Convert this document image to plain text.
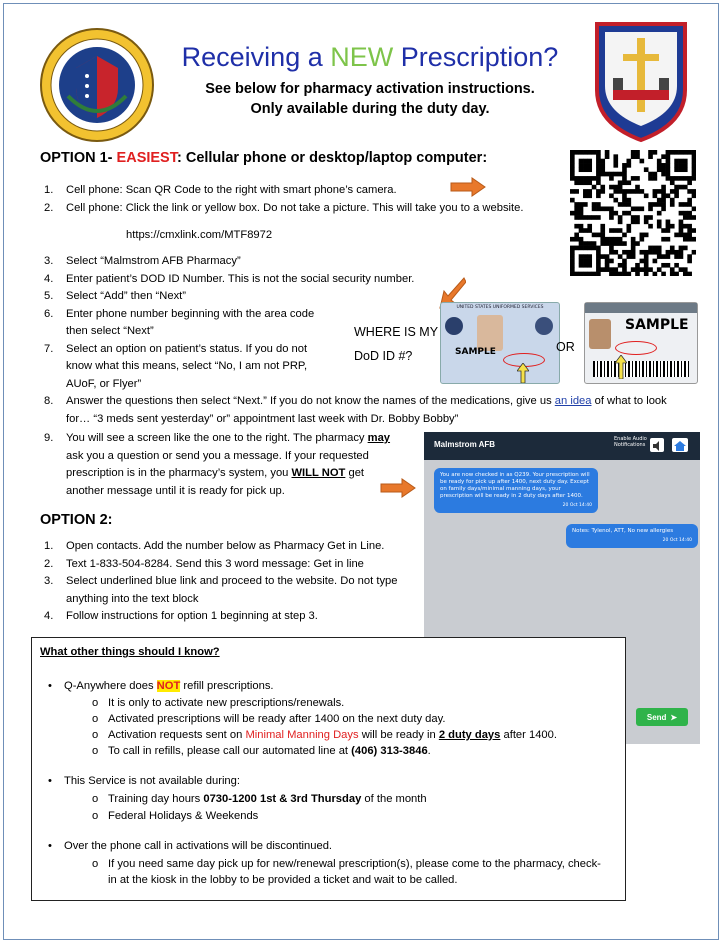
Receiving a NEW Prescription?
See below for pharmacy activation instructions.
Only available during the duty day.
OPTION 1- EASIEST: Cellular phone or desktop/laptop computer:
1. Cell phone: Scan QR Code to the right with smart phone’s camera.
2. Cell phone: Click the link or yellow box. Do not take a picture. This will take you to a website.
https://cmxlink.com/MTF8972
3. Select “Malmstrom AFB Pharmacy”
4. Enter patient’s DOD ID Number. This is not the social security number.
5. Select “Add” then “Next”
6. Enter phone number beginning with the area code then select “Next”
7. Select an option on patient’s status. If you do not know what this means, select “No, I am not PRP, AUoF, or Flyer”
WHERE IS MY
DoD ID #?
UNITED STATES UNIFORMED SERVICES
SAMPLE	OR
SAMPLE
8. Answer the questions then select “Next.” If you do not know the names of the medications, give us an idea of what to look for… “3 meds sent yesterday” or” appointment last week with Dr. Bobby Bobby”
9. You will see a screen like the one to the right. The pharmacy may ask you a question or send you a message. If your requested prescription is in the pharmacy’s system, you WILL NOT get another message until it is ready for pick up.
Malmstrom AFB
Enable Audio Notifications
You are now checked in as Q239. Your prescription will be ready for pick up after 1400, next duty day. Except on family days/minimal manning days, your prescription will be ready in 2 duty days after 1400.
20 Oct 14:40
Notes: Tylenol, ATT, No new allergies
20 Oct 14:40
Send ➤
OPTION 2:
1. Open contacts. Add the number below as Pharmacy Get in Line.
2. Text 1-833-504-8284. Send this 3 word message: Get in line
3. Select underlined blue link and proceed to the website. Do not type anything into the text block
4. Follow instructions for option 1 beginning at step 3.
What other things should I know?
• Q-Anywhere does NOT refill prescriptions.
o It is only to activate new prescriptions/renewals.
o Activated prescriptions will be ready after 1400 on the next duty day.
o Activation requests sent on Minimal Manning Days will be ready in 2 duty days after 1400.
o To call in refills, please call our automated line at (406) 313-3846.
• This Service is not available during:
o Training day hours 0730-1200 1st & 3rd Thursday of the month
o Federal Holidays & Weekends
• Over the phone call in activations will be discontinued.
o If you need same day pick up for new/renewal prescription(s), please come to the pharmacy, check-in at the kiosk in the lobby to be provided a ticket and wait to be called.
